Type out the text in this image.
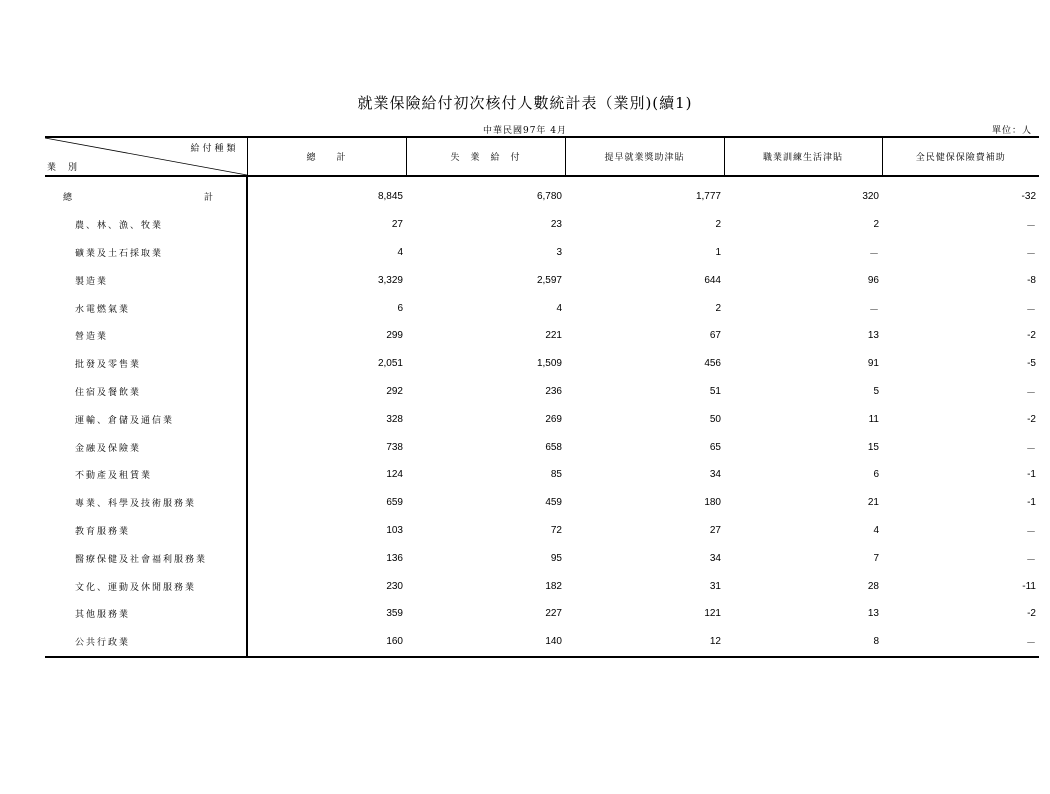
就業保險給付初次核付人數統計表（業別)(續1)
中華民國97年 4月	單位：人
給付種類
業別	總　　計	失　業　給　付	提早就業獎助津貼	職業訓練生活津貼	全民健保保險費補助

總 計	8,845	6,780	1,777	320	-32
農、林、漁、牧業	27	23	2	2	－
礦業及土石採取業	4	3	1	－	－
製造業	3,329	2,597	644	96	-8
水電燃氣業	6	4	2	－	－
營造業	299	221	67	13	-2
批發及零售業	2,051	1,509	456	91	-5
住宿及餐飲業	292	236	51	5	－
運輸、倉儲及通信業	328	269	50	11	-2
金融及保險業	738	658	65	15	－
不動產及租賃業	124	85	34	6	-1
專業、科學及技術服務業	659	459	180	21	-1
教育服務業	103	72	27	4	－
醫療保健及社會福利服務業	136	95	34	7	－
文化、運動及休閒服務業	230	182	31	28	-11
其他服務業	359	227	121	13	-2
公共行政業	160	140	12	8	－
